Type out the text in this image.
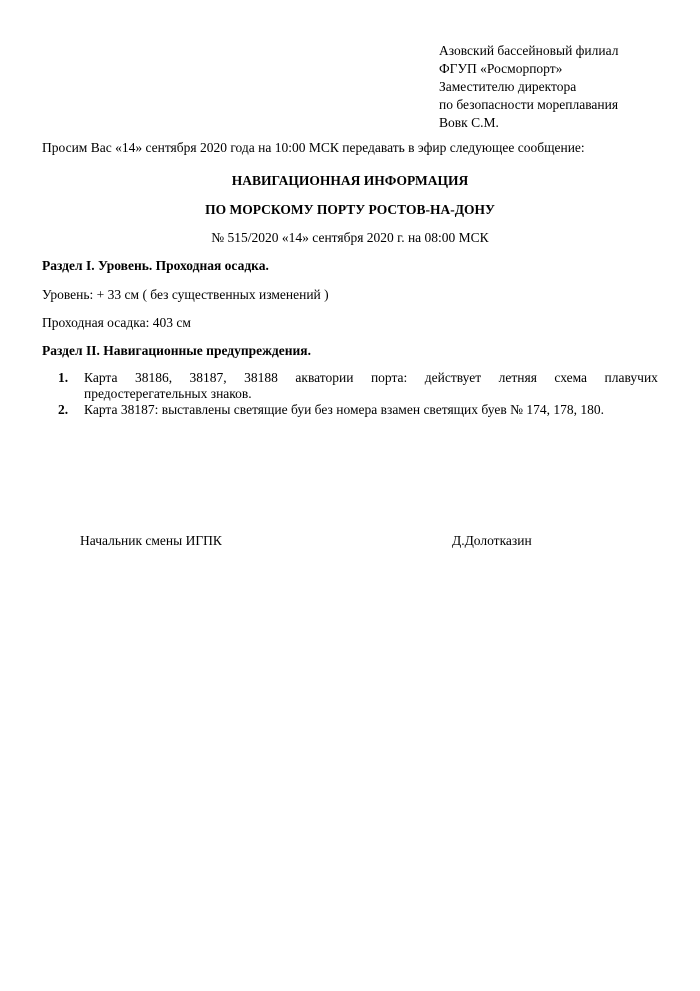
Азовский бассейновый филиал
ФГУП «Росморпорт»
Заместителю директора
по безопасности мореплавания
Вовк С.М.
Просим Вас «14» сентября 2020 года на 10:00 МСК передавать в эфир следующее сообщение:
НАВИГАЦИОННАЯ ИНФОРМАЦИЯ
ПО МОРСКОМУ ПОРТУ РОСТОВ-НА-ДОНУ
№ 515/2020 «14» сентября 2020 г. на 08:00 МСК
Раздел I. Уровень. Проходная осадка.
Уровень: + 33 см ( без существенных изменений )
Проходная осадка: 403 см
Раздел II. Навигационные предупреждения.
1. Карта 38186, 38187, 38188 акватории порта: действует летняя схема плавучих
предостерегательных знаков.
2. Карта 38187: выставлены светящие буи без номера взамен светящих буев № 174, 178, 180.
Начальник смены ИГПК	Д.Долотказин
